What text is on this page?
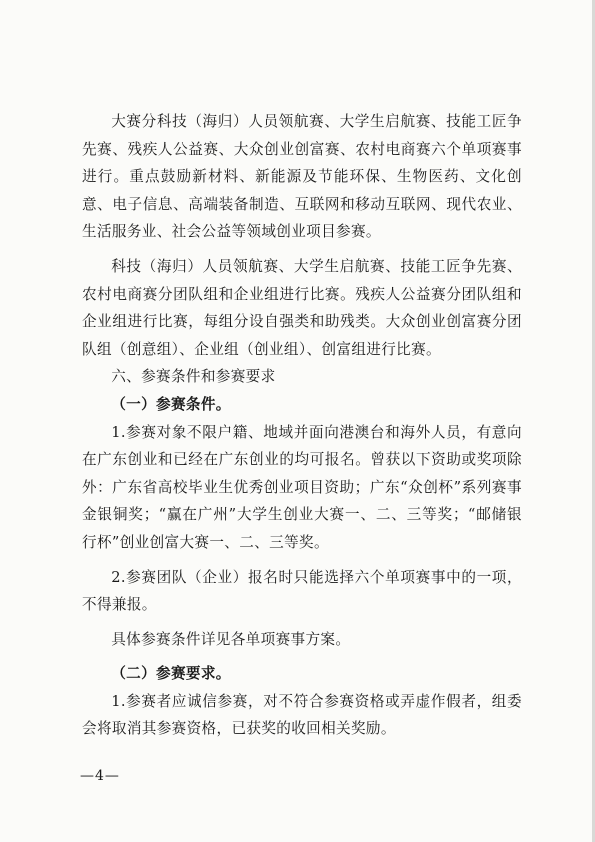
大赛分科技（海归）人员领航赛、大学生启航赛、技能工匠争先赛、残疾人公益赛、大众创业创富赛、农村电商赛六个单项赛事进行。重点鼓励新材料、新能源及节能环保、生物医药、文化创意、电子信息、高端装备制造、互联网和移动互联网、现代农业、生活服务业、社会公益等领域创业项目参赛。

科技（海归）人员领航赛、大学生启航赛、技能工匠争先赛、农村电商赛分团队组和企业组进行比赛。残疾人公益赛分团队组和企业组进行比赛，每组分设自强类和助残类。大众创业创富赛分团队组（创意组）、企业组（创业组）、创富组进行比赛。

六、参赛条件和参赛要求

（一）参赛条件。

1.参赛对象不限户籍、地域并面向港澳台和海外人员，有意向在广东创业和已经在广东创业的均可报名。曾获以下资助或奖项除外：广东省高校毕业生优秀创业项目资助；广东“众创杯”系列赛事金银铜奖；“赢在广州”大学生创业大赛一、二、三等奖；“邮储银行杯”创业创富大赛一、二、三等奖。

2.参赛团队（企业）报名时只能选择六个单项赛事中的一项，不得兼报。

具体参赛条件详见各单项赛事方案。

（二）参赛要求。

1.参赛者应诚信参赛，对不符合参赛资格或弄虚作假者，组委会将取消其参赛资格，已获奖的收回相关奖励。

—4—
